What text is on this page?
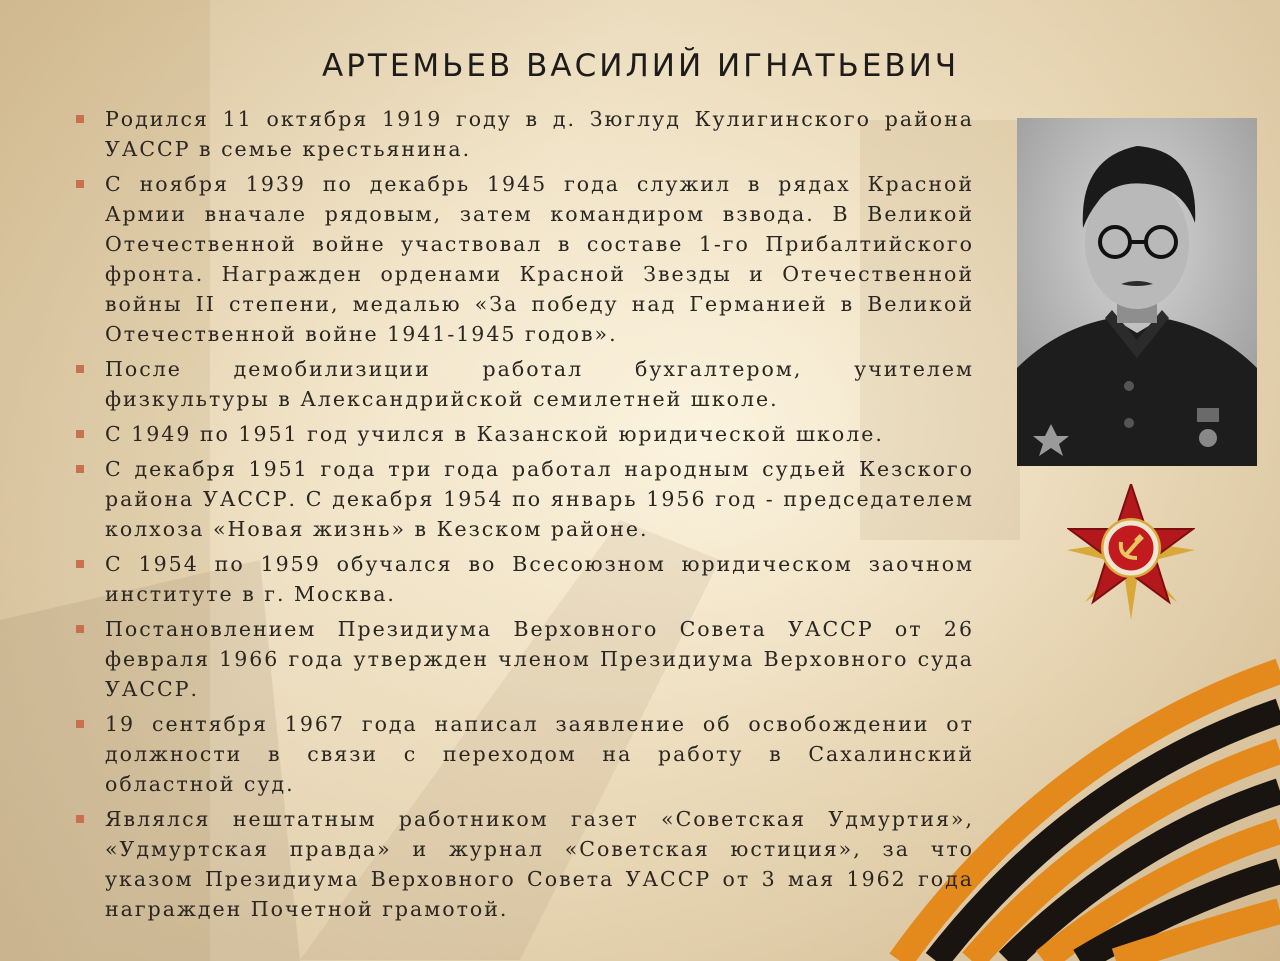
АРТЕМЬЕВ ВАСИЛИЙ ИГНАТЬЕВИЧ
Родился 11 октября 1919 году в д. Зюглуд Кулигинского района УАССР в семье крестьянина.
С ноября 1939 по декабрь 1945 года служил в рядах Красной Армии вначале рядовым, затем командиром взвода. В Великой Отечественной войне участвовал в составе 1-го Прибалтийского фронта. Награжден орденами Красной Звезды и Отечественной войны II степени, медалью «За победу над Германией в Великой Отечественной войне 1941-1945 годов».
После демобилизиции работал бухгалтером, учителем физкультуры в Александрийской семилетней школе.
С 1949 по 1951 год учился в Казанской юридической школе.
С декабря 1951 года три года работал народным судьей Кезского района УАССР. С декабря 1954 по январь 1956 год - председателем колхоза «Новая жизнь» в Кезском районе.
С 1954 по 1959 обучался во Всесоюзном юридическом заочном институте в г. Москва.
Постановлением Президиума Верховного Совета УАССР от 26 февраля 1966 года утвержден членом Президиума Верховного суда УАССР.
19 сентября 1967 года написал заявление об освобождении от должности в связи с переходом на работу в Сахалинский областной суд.
Являлся нештатным работником газет «Советская Удмуртия», «Удмуртская правда» и журнал «Советская юстиция», за что указом Президиума Верховного Совета УАССР от 3 мая 1962 года награжден Почетной грамотой.
